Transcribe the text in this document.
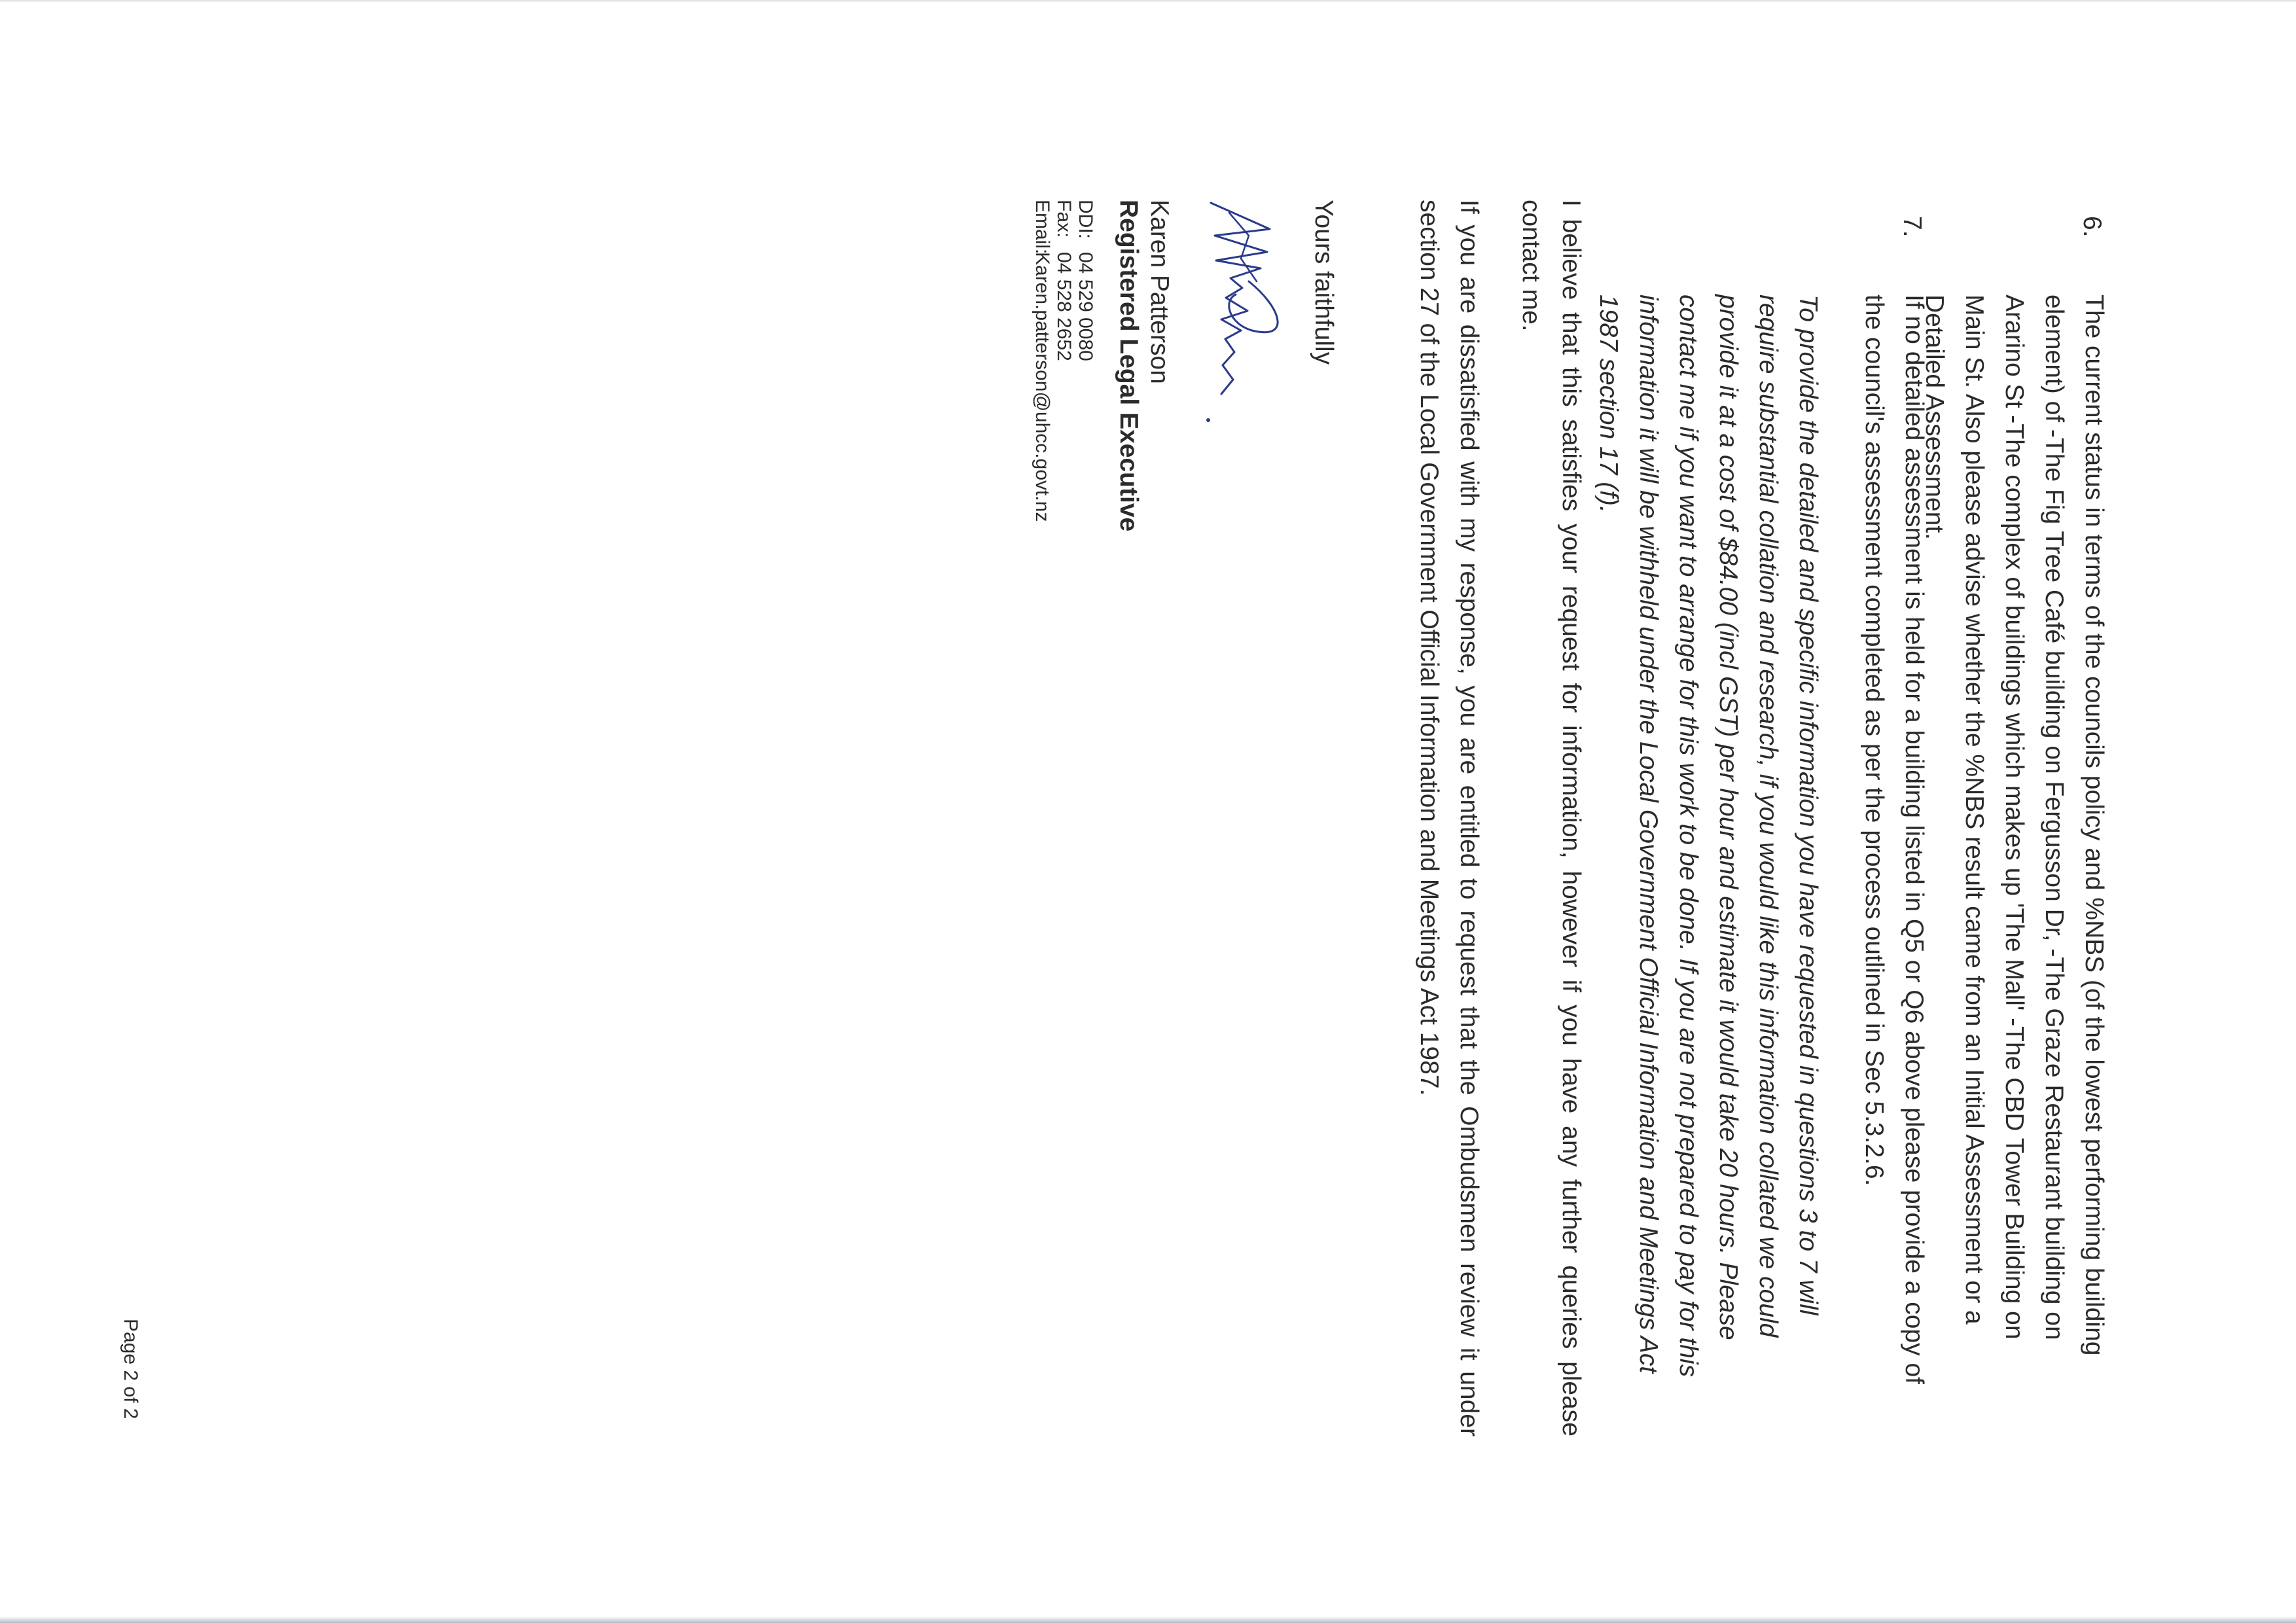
6.

The current status in terms of the councils policy and %NBS (of the lowest performing building element) of -The Fig Tree Café building on Fergusson Dr, -The Graze Restaurant building on Ararino St -The complex of buildings which makes up 'The Mall' -The CBD Tower Building on Main St. Also please advise whether the %NBS result came from an Initial Assessment or a Detailed Assessment.

7.

If no detailed assessment is held for a building listed in Q5 or Q6 above please provide a copy of the council's assessment completed as per the process outlined in Sec 5.3.2.6.

To provide the detailed and specific information you have requested in questions 3 to 7 will require substantial collation and research, if you would like this information collated we could provide it at a cost of $84.00 (incl GST) per hour and estimate it would take 20 hours. Please contact me if you want to arrange for this work to be done. If you are not prepared to pay for this information it will be withheld under the Local Government Official Information and Meetings Act 1987 section 17 (f).

I believe that this satisfies your request for information, however if you have any further queries please contact me.

If you are dissatisfied with my response, you are entitled to request that the Ombudsmen review it under section 27 of the Local Government Official Information and Meetings Act 1987.

Yours faithfully
Karen Patterson
Registered Legal Executive
DDI:04 529 0080
Fax:04 528 2652
Email:Karen.patterson@uhcc.govt.nz
Page 2 of 2
